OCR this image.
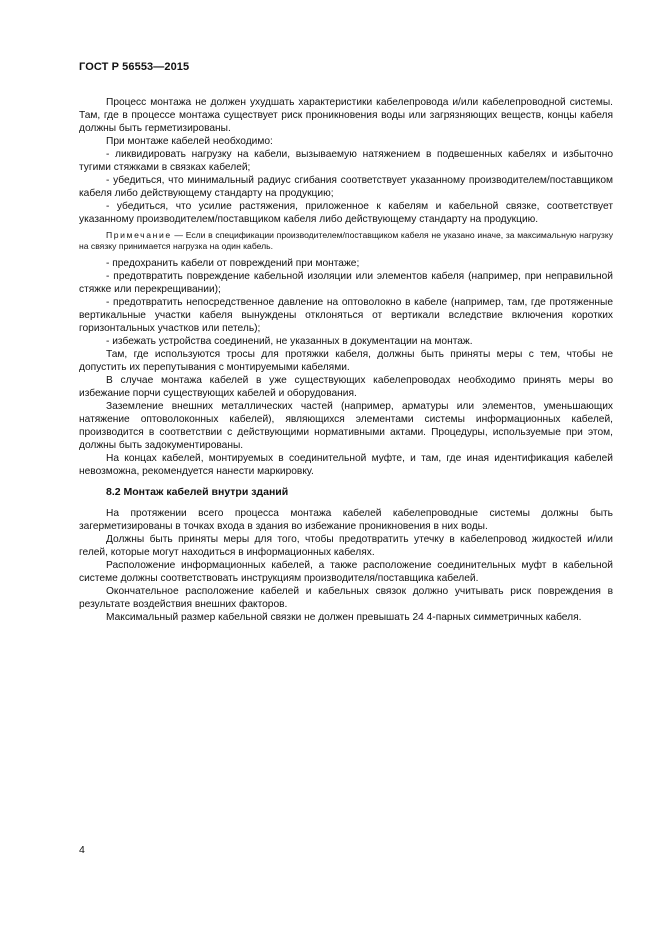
ГОСТ Р 56553—2015

Процесс монтажа не должен ухудшать характеристики кабелепровода и/или кабелепроводной системы. Там, где в процессе монтажа существует риск проникновения воды или загрязняющих веществ, концы кабеля должны быть герметизированы.

При монтаже кабелей необходимо:

- ликвидировать нагрузку на кабели, вызываемую натяжением в подвешенных кабелях и избыточно тугими стяжками в связках кабелей;

- убедиться, что минимальный радиус сгибания соответствует указанному производителем/поставщиком кабеля либо действующему стандарту на продукцию;

- убедиться, что усилие растяжения, приложенное к кабелям и кабельной связке, соответствует указанному производителем/поставщиком кабеля либо действующему стандарту на продукцию.

Примечание — Если в спецификации производителем/поставщиком кабеля не указано иначе, за максимальную нагрузку на связку принимается нагрузка на один кабель.

- предохранить кабели от повреждений при монтаже;

- предотвратить повреждение кабельной изоляции или элементов кабеля (например, при неправильной стяжке или перекрещивании);

- предотвратить непосредственное давление на оптоволокно в кабеле (например, там, где протяженные вертикальные участки кабеля вынуждены отклоняться от вертикали вследствие включения коротких горизонтальных участков или петель);

- избежать устройства соединений, не указанных в документации на монтаж.

Там, где используются тросы для протяжки кабеля, должны быть приняты меры с тем, чтобы не допустить их перепутывания с монтируемыми кабелями.

В случае монтажа кабелей в уже существующих кабелепроводах необходимо принять меры во избежание порчи существующих кабелей и оборудования.

Заземление внешних металлических частей (например, арматуры или элементов, уменьшающих натяжение оптоволоконных кабелей), являющихся элементами системы информационных кабелей, производится в соответствии с действующими нормативными актами. Процедуры, используемые при этом, должны быть задокументированы.

На концах кабелей, монтируемых в соединительной муфте, и там, где иная идентификация кабелей невозможна, рекомендуется нанести маркировку.

8.2 Монтаж кабелей внутри зданий

На протяжении всего процесса монтажа кабелей кабелепроводные системы должны быть загерметизированы в точках входа в здания во избежание проникновения в них воды.

Должны быть приняты меры для того, чтобы предотвратить утечку в кабелепровод жидкостей и/или гелей, которые могут находиться в информационных кабелях.

Расположение информационных кабелей, а также расположение соединительных муфт в кабельной системе должны соответствовать инструкциям производителя/поставщика кабелей.

Окончательное расположение кабелей и кабельных связок должно учитывать риск повреждения в результате воздействия внешних факторов.

Максимальный размер кабельной связки не должен превышать 24 4-парных симметричных кабеля.

4
